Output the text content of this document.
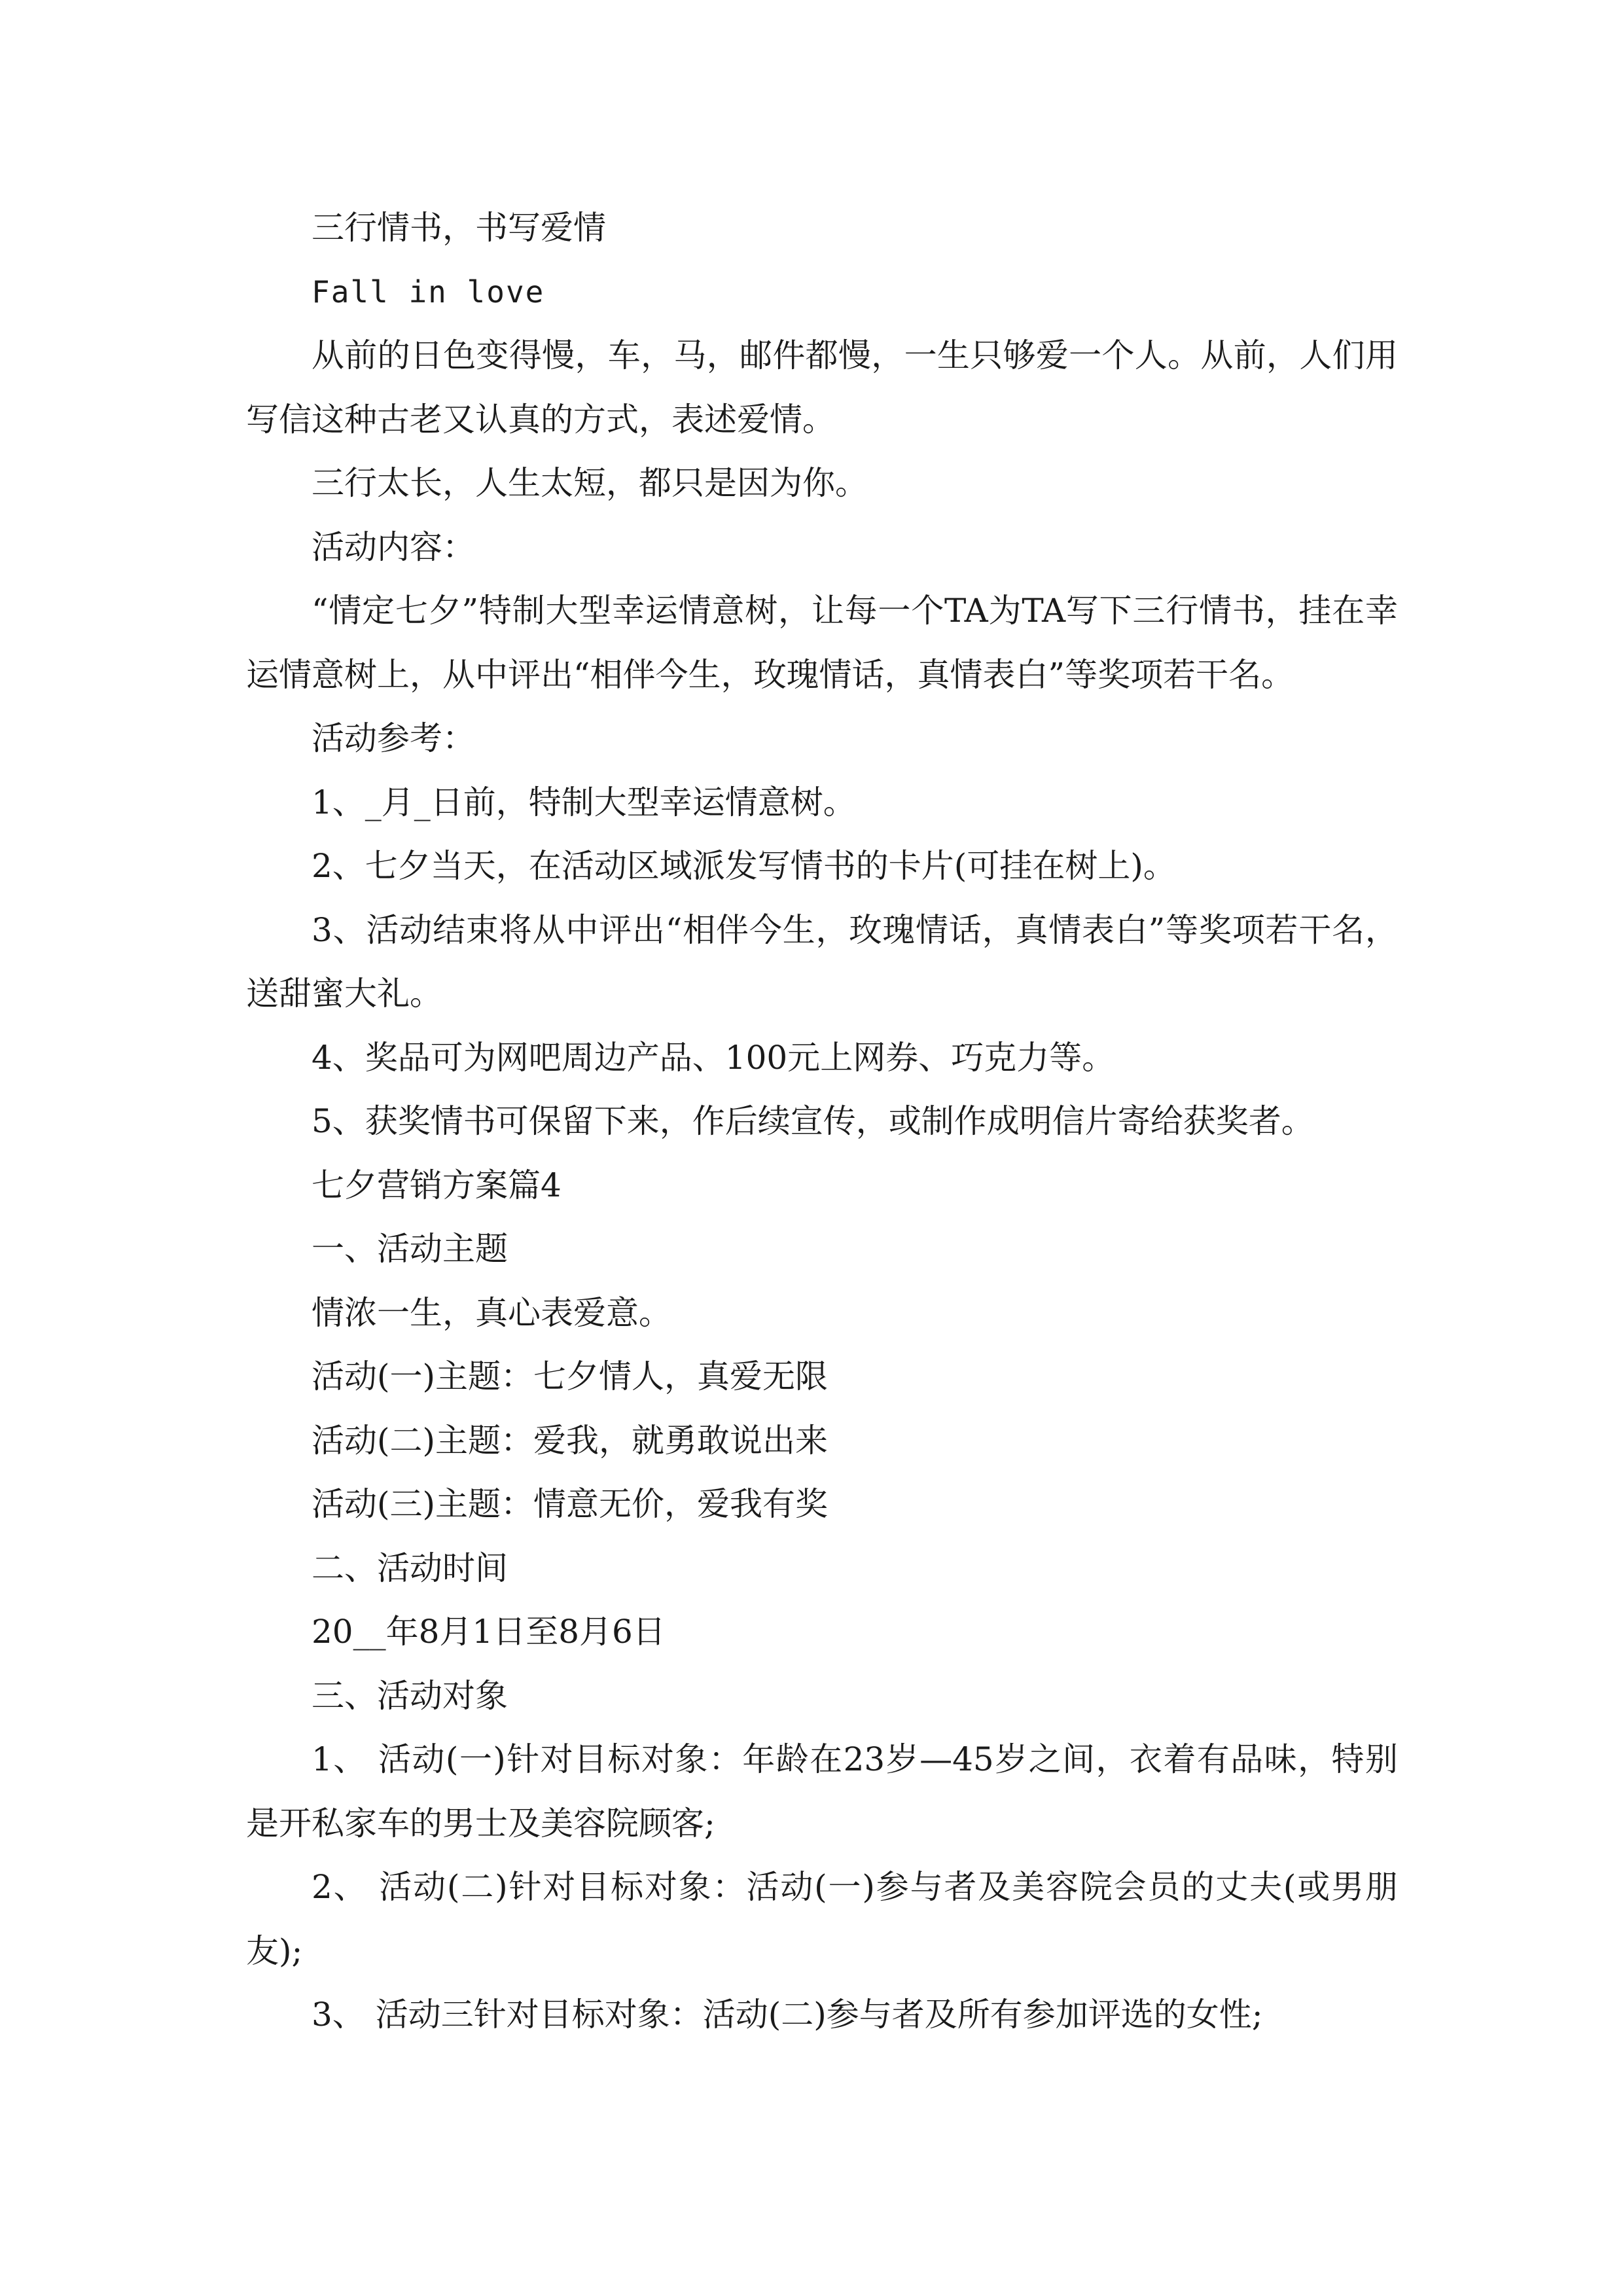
三行情书，书写爱情

Fall in love

从前的日色变得慢，车，马，邮件都慢，一生只够爱一个人。从前，人们用写信这种古老又认真的方式，表述爱情。

三行太长，人生太短，都只是因为你。

活动内容：

“情定七夕”特制大型幸运情意树，让每一个TA为TA写下三行情书，挂在幸运情意树上，从中评出“相伴今生，玫瑰情话，真情表白”等奖项若干名。

活动参考：

1、_月_日前，特制大型幸运情意树。

2、七夕当天，在活动区域派发写情书的卡片(可挂在树上)。

3、活动结束将从中评出“相伴今生，玫瑰情话，真情表白”等奖项若干名，送甜蜜大礼。

4、奖品可为网吧周边产品、100元上网券、巧克力等。

5、获奖情书可保留下来，作后续宣传，或制作成明信片寄给获奖者。

七夕营销方案篇4

一、活动主题

情浓一生，真心表爱意。

活动(一)主题：七夕情人，真爱无限

活动(二)主题：爱我，就勇敢说出来

活动(三)主题：情意无价，爱我有奖

二、活动时间

20__年8月1日至8月6日

三、活动对象

1、 活动(一)针对目标对象：年龄在23岁—45岁之间，衣着有品味，特别是开私家车的男士及美容院顾客;

2、 活动(二)针对目标对象：活动(一)参与者及美容院会员的丈夫(或男朋友);

3、 活动三针对目标对象：活动(二)参与者及所有参加评选的女性;
